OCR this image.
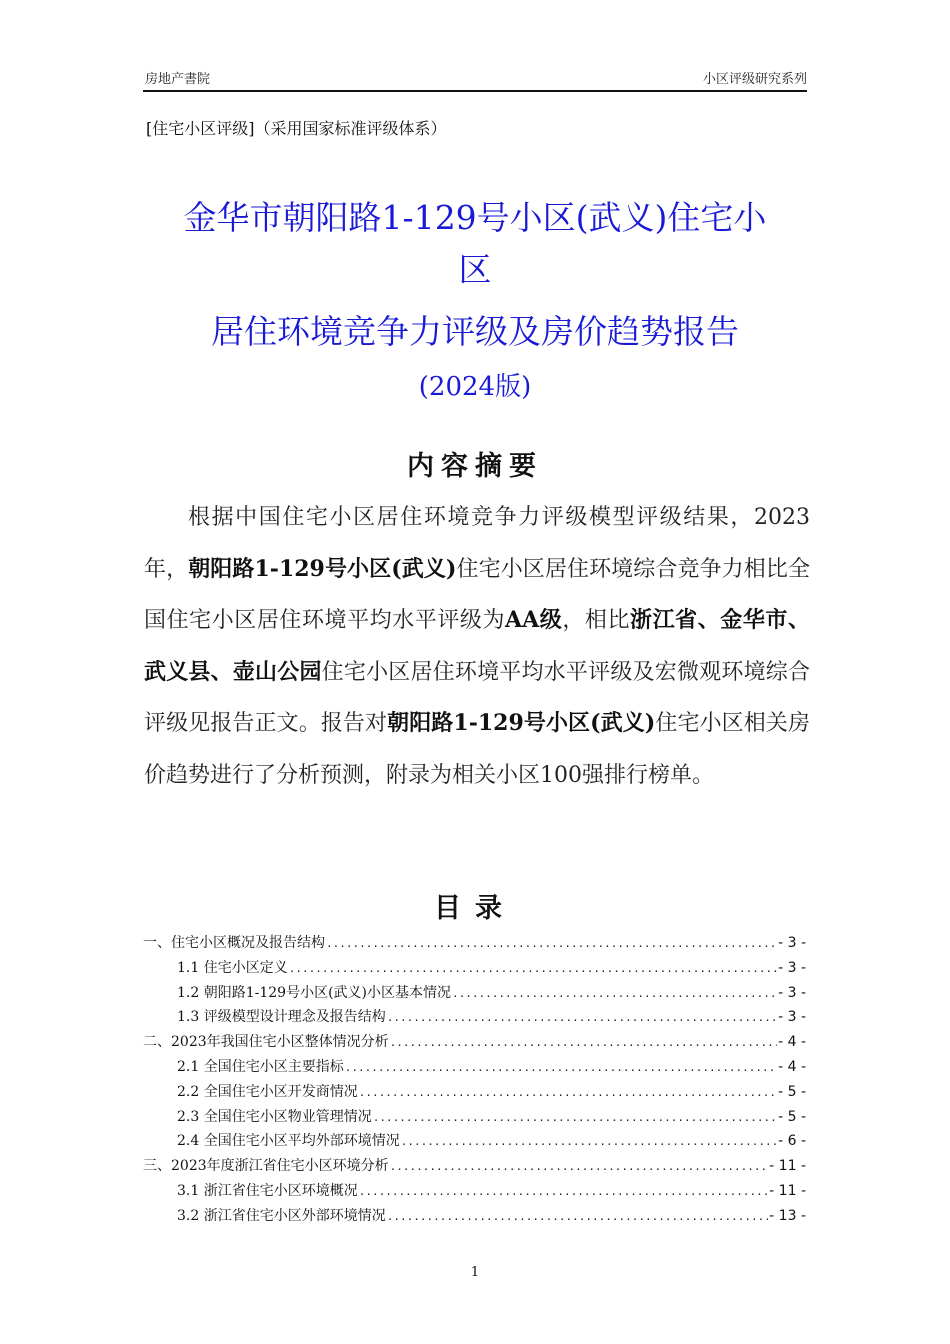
房地产書院	小区评级研究系列
[住宅小区评级]（采用国家标准评级体系）
金华市朝阳路1-129号小区(武义)住宅小
区
居住环境竞争力评级及房价趋势报告
(2024版)
内容摘要

根据中国住宅小区居住环境竞争力评级模型评级结果，2023年，朝阳路1-129号小区(武义)住宅小区居住环境综合竞争力相比全国住宅小区居住环境平均水平评级为AA级，相比浙江省、金华市、武义县、壶山公园住宅小区居住环境平均水平评级及宏微观环境综合评级见报告正文。报告对朝阳路1-129号小区(武义)住宅小区相关房价趋势进行了分析预测，附录为相关小区100强排行榜单。

目录
一、住宅小区概况及报告结构 .....	- 3 -
1.1 住宅小区定义 .....	- 3 -
1.2 朝阳路1-129号小区(武义)小区基本情况 .....	- 3 -
1.3 评级模型设计理念及报告结构 .....	- 3 -
二、2023年我国住宅小区整体情况分析 .....	- 4 -
2.1 全国住宅小区主要指标 .....	- 4 -
2.2 全国住宅小区开发商情况 .....	- 5 -
2.3 全国住宅小区物业管理情况 .....	- 5 -
2.4 全国住宅小区平均外部环境情况 .....	- 6 -
三、2023年度浙江省住宅小区环境分析 .....	- 11 -
3.1 浙江省住宅小区环境概况 .....	- 11 -
3.2 浙江省住宅小区外部环境情况 .....	- 13 -
1
